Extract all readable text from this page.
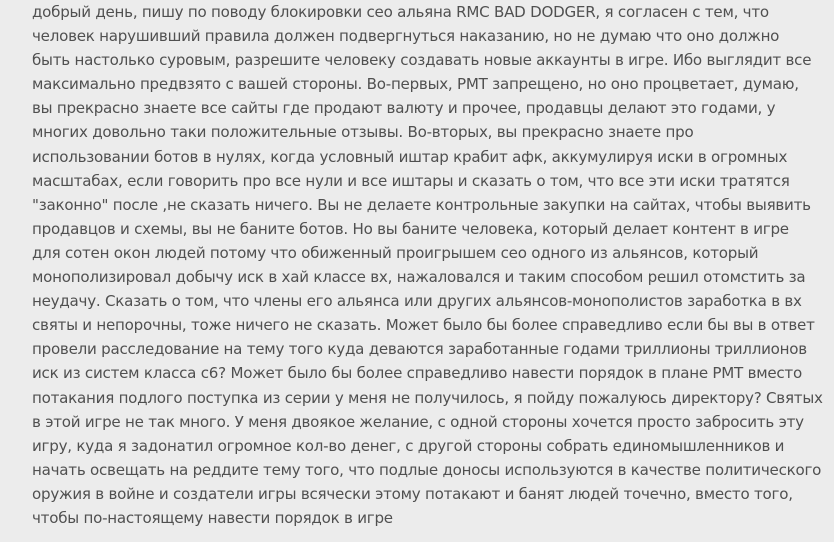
добрый день, пишу по поводу блокировки сео альяна RMC BAD DODGER, я согласен с тем, что
человек нарушивший правила должен подвергнуться наказанию, но не думаю что оно должно
быть настолько суровым, разрешите человеку создавать новые аккаунты в игре. Ибо выглядит все
максимально предвзято с вашей стороны. Во-первых, РМТ запрещено, но оно процветает, думаю,
вы прекрасно знаете все сайты где продают валюту и прочее, продавцы делают это годами, у
многих довольно таки положительные отзывы. Во-вторых, вы прекрасно знаете про
использовании ботов в нулях, когда условный иштар крабит афк, аккумулируя иски в огромных
масштабах, если говорить про все нули и все иштары и сказать о том, что все эти иски тратятся
"законно" после ,не сказать ничего. Вы не делаете контрольные закупки на сайтах, чтобы выявить
продавцов и схемы, вы не баните ботов. Но вы баните человека, который делает контент в игре
для сотен окон людей потому что обиженный проигрышем сео одного из альянсов, который
монополизировал добычу иск в хай классе вх, нажаловался и таким способом решил отомстить за
неудачу. Сказать о том, что члены его альянса или других альянсов-монополистов заработка в вх
святы и непорочны, тоже ничего не сказать. Может было бы более справедливо если бы вы в ответ
провели расследование на тему того куда деваются заработанные годами триллионы триллионов
иск из систем класса с6? Может было бы более справедливо навести порядок в плане РМТ вместо
потакания подлого поступка из серии у меня не получилось, я пойду пожалуюсь директору? Святых
в этой игре не так много. У меня двоякое желание, с одной стороны хочется просто забросить эту
игру, куда я задонатил огромное кол-во денег, с другой стороны собрать единомышленников и
начать освещать на реддите тему того, что подлые доносы используются в качестве политического
оружия в войне и создатели игры всячески этому потакают и банят людей точечно, вместо того,
чтобы по-настоящему навести порядок в игре
